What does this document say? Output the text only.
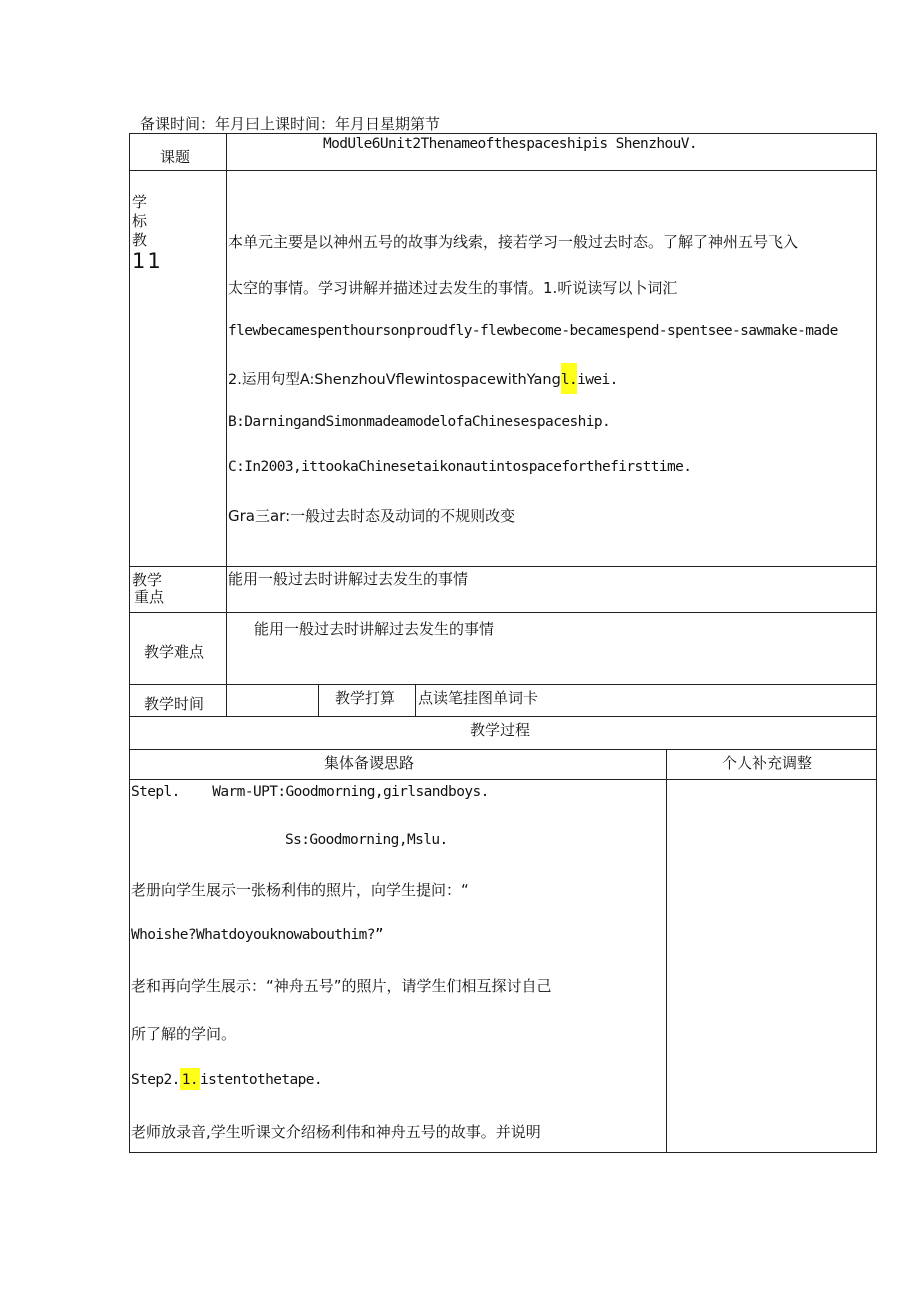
备课时间：年月曰上课时间：年月日星期第节
课题
ModUle6Unit2Thenameofthespaceshipis ShenzhouV.
学
标
教
11
本单元主要是以神州五号的故事为线索，接若学习一般过去时态。了解了神州五号飞入
太空的事情。学习讲解并描述过去发生的事情。1.听说读写以卜词汇
flewbecamespenthoursonproudfly-flewbecome-becamespend-spentsee-sawmake-made
2.运用句型A:ShenzhouVflewintospacewithYangl.iwei.
B:DarningandSimonmadeamodelofaChinesespaceship.
C:In2003,ittookaChinesetaikonautintospaceforthefirsttime.
Gra三ar:一般过去时态及动词的不规则改变
教学
重点
能用一般过去时讲解过去发生的事情
教学难点
能用一般过去时讲解过去发生的事情
教学时间	教学打算 点读笔挂图单词卡
教学过程
集体备谡思路	个人补充调整
Stepl.    Warm-UPT:Goodmorning,girlsandboys.
Ss:Goodmorning,Mslu.
老册向学生展示一张杨利伟的照片，向学生提问：“
Whoishe?Whatdoyouknowabouthim?”
老和再向学生展示：“神舟五号”的照片，请学生们相互探讨自己
所了解的学问。
Step2. 1. istentothetape.
老师放录音,学生听课文介绍杨利伟和神舟五号的故事。并说明
